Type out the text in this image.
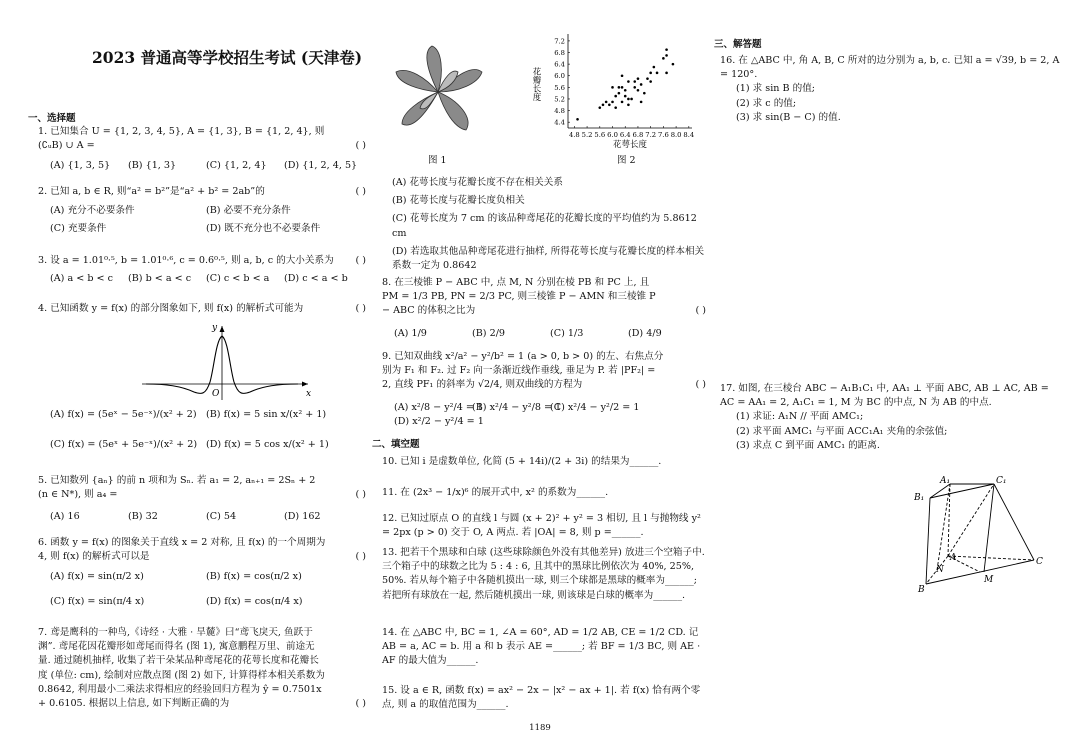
1189
2023 普通高等学校招生考试 (天津卷)
一、选择题

1. 已知集合 U = {1, 2, 3, 4, 5}, A = {1, 3}, B = {1, 2, 4}, 则 (∁ᵤB) ∪ A =	( )
(A) {1, 3, 5}	(B) {1, 3}	(C) {1, 2, 4}	(D) {1, 2, 4, 5}

2. 已知 a, b ∈ R, 则“a² = b²”是“a² + b² = 2ab”的	( )
(A) 充分不必要条件	(B) 必要不充分条件
(C) 充要条件	(D) 既不充分也不必要条件

3. 设 a = 1.01⁰·⁵, b = 1.01⁰·⁶, c = 0.6⁰·⁵, 则 a, b, c 的大小关系为	( )
(A) a < b < c	(B) b < a < c	(C) c < b < a	(D) c < a < b

4. 已知函数 y = f(x) 的部分图象如下, 则 f(x) 的解析式可能为	( )
y
x
O
(A) f(x) = (5eˣ − 5e⁻ˣ)/(x² + 2) (B) f(x) = 5 sin x/(x² + 1)
(C) f(x) = (5eˣ + 5e⁻ˣ)/(x² + 2) (D) f(x) = 5 cos x/(x² + 1)

5. 已知数列 {aₙ} 的前 n 项和为 Sₙ. 若 a₁ = 2, aₙ₊₁ = 2Sₙ + 2 (n ∈ N*), 则 a₄ =	( )
(A) 16	(B) 32	(C) 54	(D) 162

6. 函数 y = f(x) 的图象关于直线 x = 2 对称, 且 f(x) 的一个周期为 4, 则 f(x) 的解析式可以是	( )
(A) f(x) = sin(π/2 x)	(B) f(x) = cos(π/2 x)
(C) f(x) = sin(π/4 x)	(D) f(x) = cos(π/4 x)

7. 鸢是鹰科的一种鸟,《诗经 · 大雅 · 旱麓》曰“鸢飞戾天, 鱼跃于渊”. 鸢尾花因花瓣形如鸢尾而得名 (图 1), 寓意鹏程万里、前途无量. 通过随机抽样, 收集了若干朵某品种鸢尾花的花萼长度和花瓣长度 (单位: cm), 绘制对应散点图 (图 2) 如下, 计算得样本相关系数为 0.8642, 利用最小二乘法求得相应的经验回归方程为 ŷ = 0.7501x + 0.6105. 根据以上信息, 如下判断正确的为	( )
图 1
4.8 5.2 5.6 6.0 6.4 6.8 7.2 7.6 8.0 8.4
4.4
4.8
5.2
5.6
6.0
6.4
6.8
7.2
花萼长度
花瓣长度
图 2

(A) 花萼长度与花瓣长度不存在相关关系

(B) 花萼长度与花瓣长度负相关

(C) 花萼长度为 7 cm 的该品种鸢尾花的花瓣长度的平均值约为 5.8612 cm

(D) 若选取其他品种鸢尾花进行抽样, 所得花萼长度与花瓣长度的样本相关系数一定为 0.8642

8. 在三棱锥 P − ABC 中, 点 M, N 分别在棱 PB 和 PC 上, 且 PM = 1/3 PB, PN = 2/3 PC, 则三棱锥 P − AMN 和三棱锥 P − ABC 的体积之比为	( )
(A) 1/9	(B) 2/9	(C) 1/3	(D) 4/9

9. 已知双曲线 x²/a² − y²/b² = 1 (a > 0, b > 0) 的左、右焦点分别为 F₁ 和 F₂. 过 F₂ 向一条渐近线作垂线, 垂足为 P. 若 |PF₂| = 2, 直线 PF₁ 的斜率为 √2/4, 则双曲线的方程为	( )
(A) x²/8 − y²/4 = 1
(B) x²/4 − y²/8 = 1
(C) x²/4 − y²/2 = 1
(D) x²/2 − y²/4 = 1
二、填空题
10. 已知 i 是虚数单位, 化简 (5 + 14i)/(2 + 3i) 的结果为______.
11. 在 (2x³ − 1/x)⁶ 的展开式中, x² 的系数为______.
12. 已知过原点 O 的直线 l 与圆 (x + 2)² + y² = 3 相切, 且 l 与抛物线 y² = 2px (p > 0) 交于 O, A 两点. 若 |OA| = 8, 则 p =______.
13. 把若干个黑球和白球 (这些球除颜色外没有其他差异) 放进三个空箱子中. 三个箱子中的球数之比为 5 : 4 : 6, 且其中的黑球比例依次为 40%, 25%, 50%. 若从每个箱子中各随机摸出一球, 则三个球都是黑球的概率为______; 若把所有球放在一起, 然后随机摸出一球, 则该球是白球的概率为______.
14. 在 △ABC 中, BC = 1, ∠A = 60°, AD = 1/2 AB, CE = 1/2 CD. 记 AB = a, AC = b. 用 a 和 b 表示 AE =______; 若 BF = 1/3 BC, 则 AE · AF 的最大值为______.
15. 设 a ∈ R, 函数 f(x) = ax² − 2x − |x² − ax + 1|. 若 f(x) 恰有两个零点, 则 a 的取值范围为______.
三、解答题

16. 在 △ABC 中, 角 A, B, C 所对的边分别为 a, b, c. 已知 a = √39, b = 2, A = 120°.

(1) 求 sin B 的值;

(2) 求 c 的值;

(3) 求 sin(B − C) 的值.

17. 如图, 在三棱台 ABC − A₁B₁C₁ 中, AA₁ ⊥ 平面 ABC, AB ⊥ AC, AB = AC = AA₁ = 2, A₁C₁ = 1, M 为 BC 的中点, N 为 AB 的中点.

(1) 求证: A₁N // 平面 AMC₁;

(2) 求平面 AMC₁ 与平面 ACC₁A₁ 夹角的余弦值;

(3) 求点 C 到平面 AMC₁ 的距离.

A₁	C₁
B₁
A
N
M
C
B
